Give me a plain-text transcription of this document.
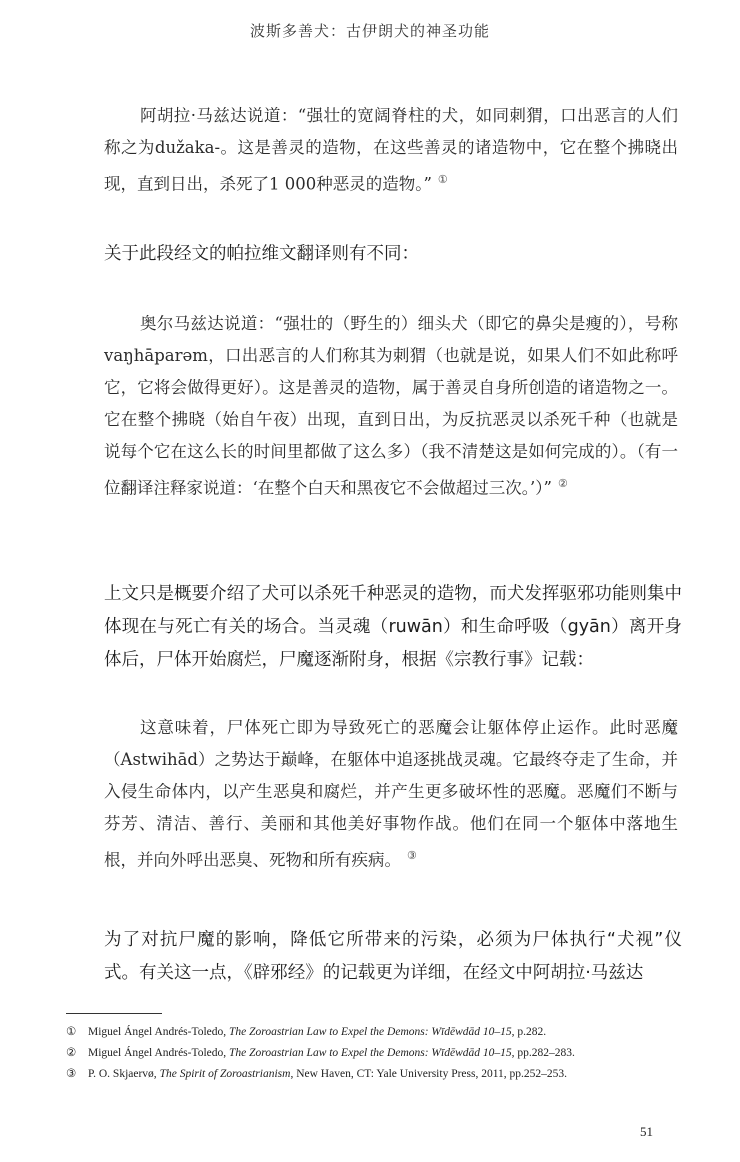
波斯多善犬：古伊朗犬的神圣功能

阿胡拉·马兹达说道：“强壮的宽阔脊柱的犬，如同刺猬，口出恶言的人们称之为dužaka-。这是善灵的造物，在这些善灵的诸造物中，它在整个拂晓出现，直到日出，杀死了1 000种恶灵的造物。” ①

关于此段经文的帕拉维文翻译则有不同：

奥尔马兹达说道：“强壮的（野生的）细头犬（即它的鼻尖是瘦的），号称vaŋhāparəm，口出恶言的人们称其为刺猬（也就是说，如果人们不如此称呼它，它将会做得更好）。这是善灵的造物，属于善灵自身所创造的诸造物之一。它在整个拂晓（始自午夜）出现，直到日出，为反抗恶灵以杀死千种（也就是说每个它在这么长的时间里都做了这么多）（我不清楚这是如何完成的）。（有一位翻译注释家说道：‘在整个白天和黑夜它不会做超过三次。’）” ②

上文只是概要介绍了犬可以杀死千种恶灵的造物，而犬发挥驱邪功能则集中体现在与死亡有关的场合。当灵魂（ruwān）和生命呼吸（gyān）离开身体后，尸体开始腐烂，尸魔逐渐附身，根据《宗教行事》记载：

这意味着，尸体死亡即为导致死亡的恶魔会让躯体停止运作。此时恶魔（Astwihād）之势达于巅峰，在躯体中追逐挑战灵魂。它最终夺走了生命，并入侵生命体内，以产生恶臭和腐烂，并产生更多破坏性的恶魔。恶魔们不断与芬芳、清洁、善行、美丽和其他美好事物作战。他们在同一个躯体中落地生根，并向外呼出恶臭、死物和所有疾病。 ③

为了对抗尸魔的影响，降低它所带来的污染，必须为尸体执行“犬视”仪式。有关这一点，《辟邪经》的记载更为详细，在经文中阿胡拉·马兹达

① Miguel Ángel Andrés-Toledo, The Zoroastrian Law to Expel the Demons: Wīdēwdād 10–15, p.282.
② Miguel Ángel Andrés-Toledo, The Zoroastrian Law to Expel the Demons: Wīdēwdād 10–15, pp.282–283.
③ P. O. Skjaervø, The Spirit of Zoroastrianism, New Haven, CT: Yale University Press, 2011, pp.252–253.
51
